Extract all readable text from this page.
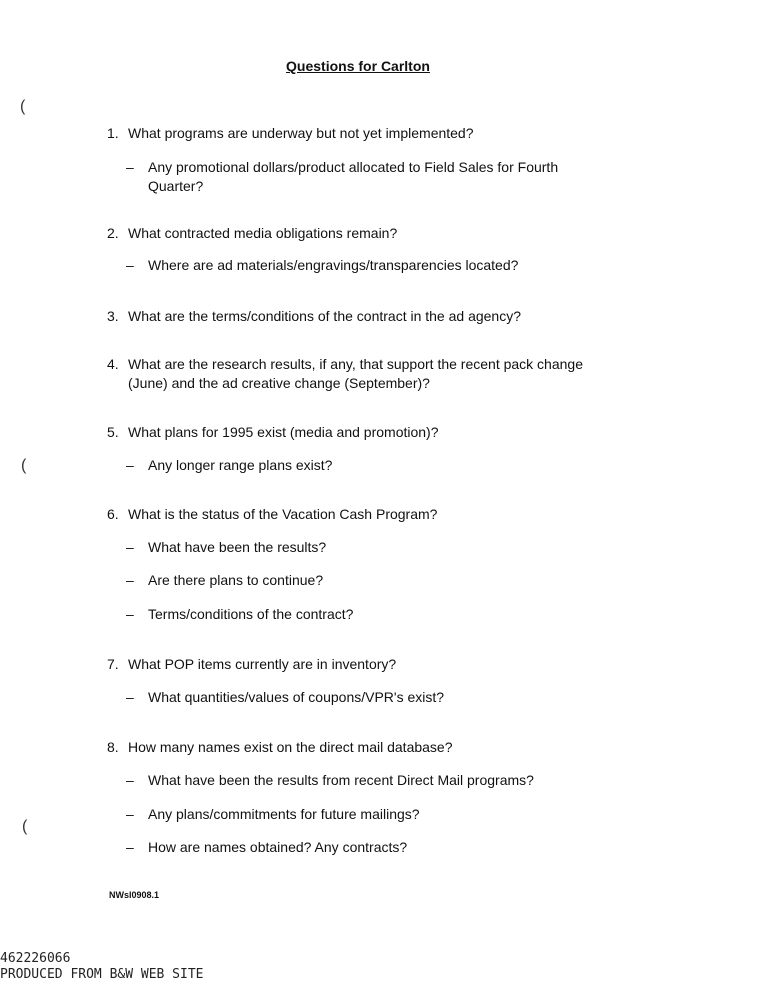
Questions for Carlton
(
(
(
1. What programs are underway but not yet implemented?
– Any promotional dollars/product allocated to Field Sales for Fourth
Quarter?
2. What contracted media obligations remain?
– Where are ad materials/engravings/transparencies located?
3. What are the terms/conditions of the contract in the ad agency?
4. What are the research results, if any, that support the recent pack change
(June) and the ad creative change (September)?
5. What plans for 1995 exist (media and promotion)?
– Any longer range plans exist?
6. What is the status of the Vacation Cash Program?
– What have been the results?
– Are there plans to continue?
– Terms/conditions of the contract?
7. What POP items currently are in inventory?
– What quantities/values of coupons/VPR's exist?
8. How many names exist on the direct mail database?
– What have been the results from recent Direct Mail programs?
– Any plans/commitments for future mailings?
– How are names obtained? Any contracts?
NWsl0908.1
462226066
PRODUCED FROM B&W WEB SITE
